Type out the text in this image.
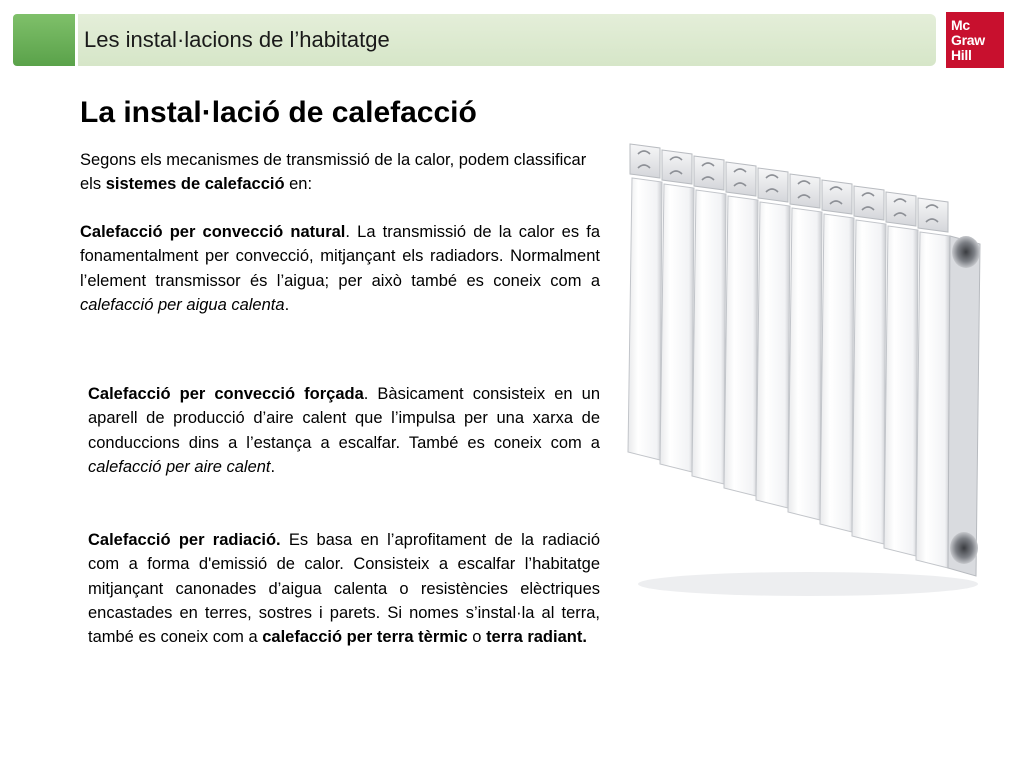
Les instal·lacions de l’habitatge
Mc
Graw
Hill
La instal·lació de calefacció

Segons els mecanismes de transmissió de la calor, podem classificar els sistemes de calefacció en:

Calefacció per convecció natural. La transmissió de la calor es fa fonamentalment per convecció, mitjançant els radiadors. Normalment l’element transmissor és l’aigua; per això també es coneix com a calefacció per aigua calenta.

Calefacció per convecció forçada. Bàsicament consisteix en un aparell de producció d’aire calent que l’impulsa per una xarxa de conduccions dins a l’estança a escalfar. També es coneix com a calefacció per aire calent.

Calefacció per radiació. Es basa en l’aprofitament de la radiació com a forma d'emissió de calor. Consisteix a escalfar l’habitatge mitjançant canonades d’aigua calenta o resistències elèctriques encastades en terres, sostres i parets. Si nomes s’instal·la al terra, també es coneix com a calefacció per terra tèrmic o terra radiant.
